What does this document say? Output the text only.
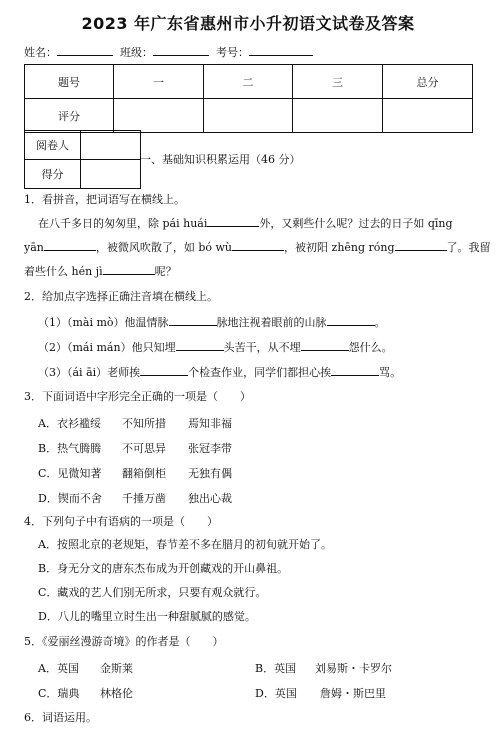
2023 年广东省惠州市小升初语文试卷及答案
姓名：	班级：	考号：
题号	一	二	三	总分
评分				
阅卷人	
得分	
一、基础知识积累运用（46 分）
1．看拼音，把词语写在横线上。
在八千多日的匆匆里，除 pái huái	外，又剩些什么呢？过去的日子如 qīng
yān	，被微风吹散了，如 bó wù	，被初阳 zhēng róng	了。我留
着些什么 hén jì	呢？
2．给加点字选择正确注音填在横线上。
（1）（mài mò）他温情脉	脉地注视着眼前的山脉	。
（2）（mái mán）他只知埋	头苦干，从不埋	怨什么。
（3）（ái āi）老师挨	个检查作业，同学们都担心挨	骂。
3．下面词语中字形完全正确的一项是（　　）
A．衣衫褴绥 不知所措 焉知非福
B．热气腾腾 不可思异 张冠李带
C．见微知著 翻箱倒柜 无独有偶
D．锲而不舍 千捶万凿 独出心裁
4．下列句子中有语病的一项是（　　）
A．按照北京的老规矩，春节差不多在腊月的初旬就开始了。
B．身无分文的唐东杰布成为开创藏戏的开山鼻祖。
C．藏戏的艺人们别无所求，只要有观众就行。
D．八儿的嘴里立时生出一种甜腻腻的感觉。
5．《爱丽丝漫游奇境》的作者是（　　）
A．英国 金斯莱	B．英国 刘易斯・卡罗尔
C．瑞典 林格伦	D．英国 詹姆・斯巴里
6．词语运用。
